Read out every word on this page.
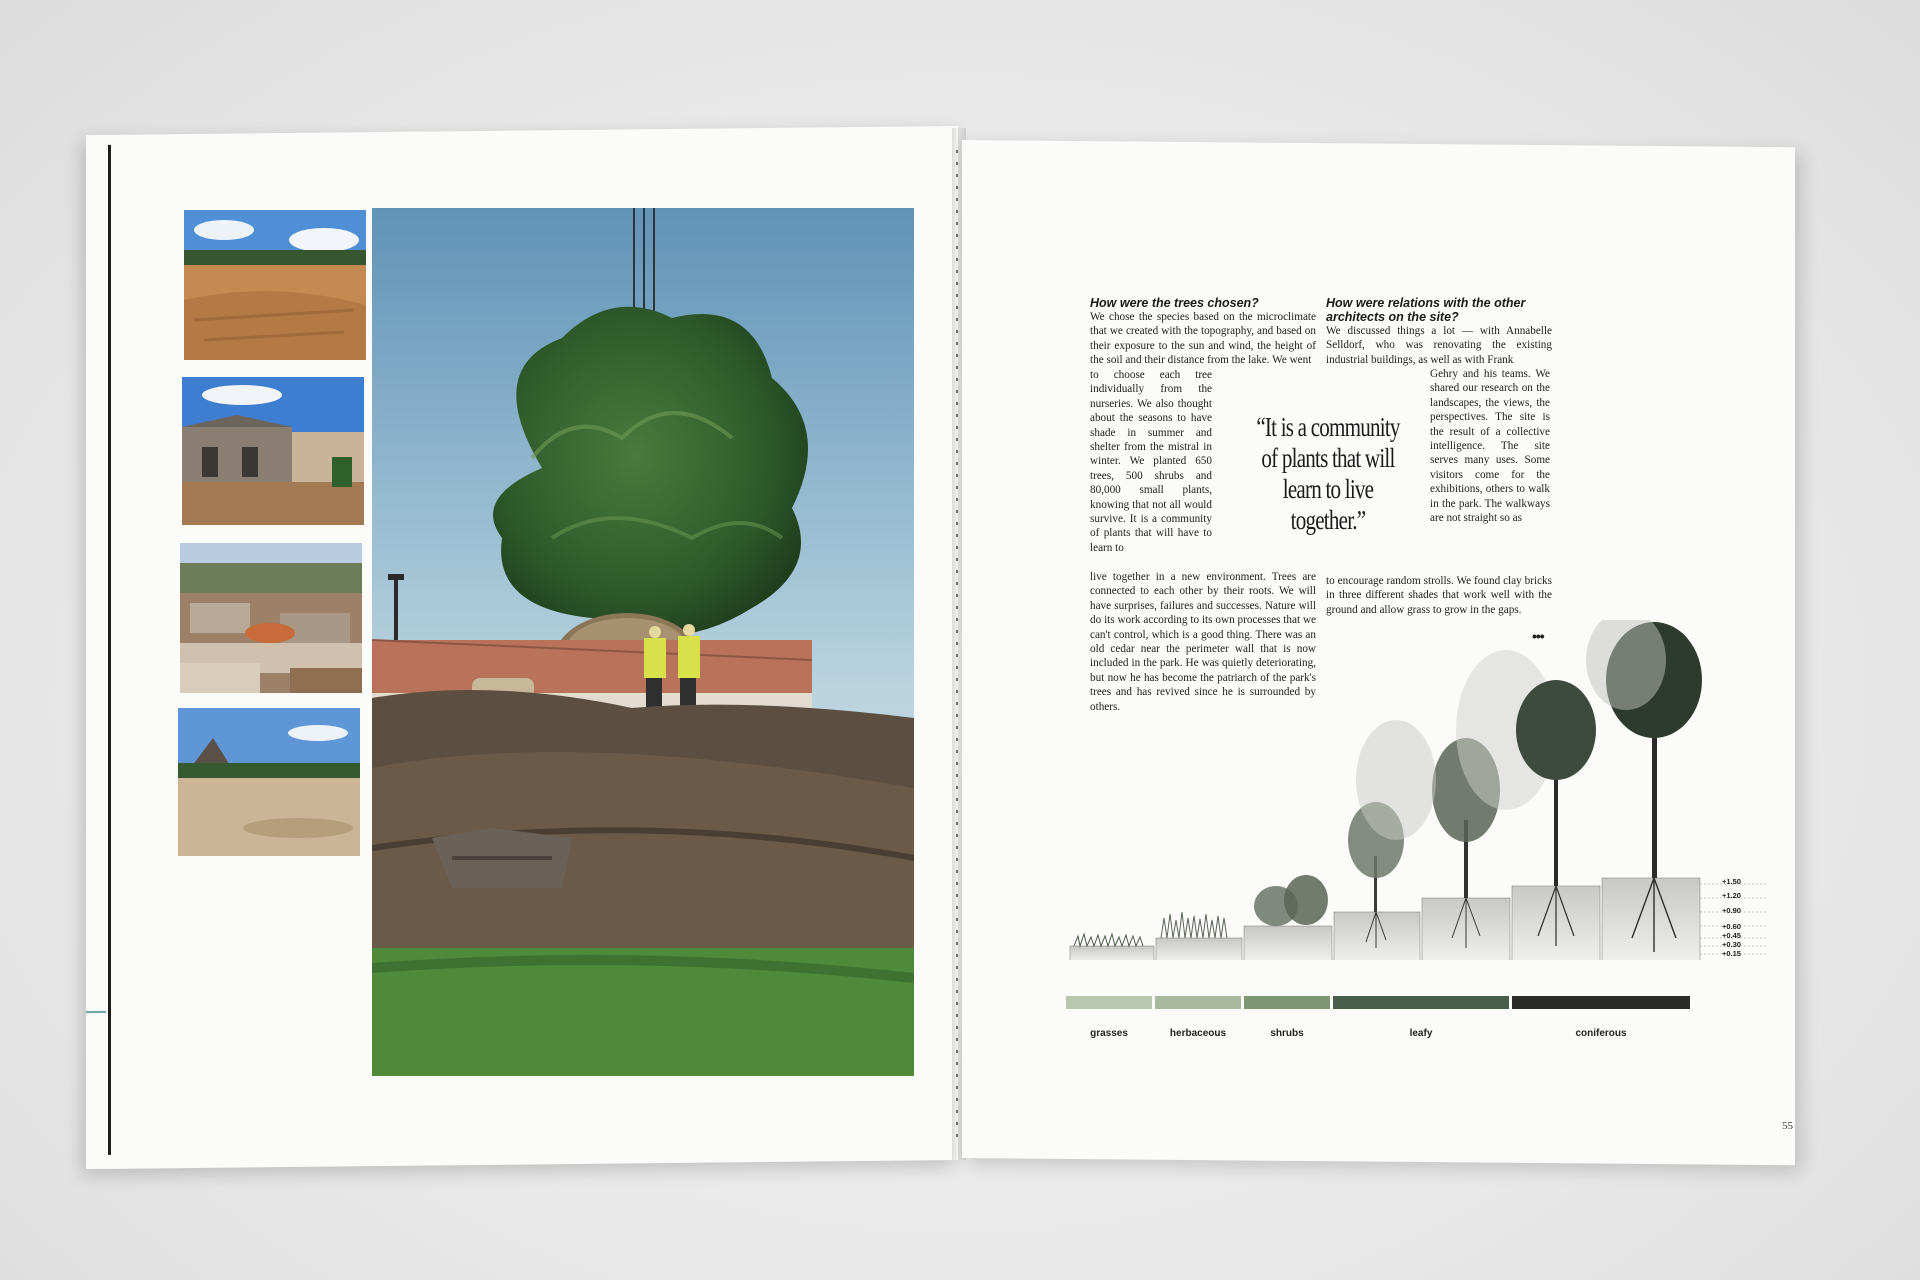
How were the trees chosen?
We chose the species based on the microclimate that we created with the topography, and based on their exposure to the sun and wind, the height of the soil and their distance from the lake. We went
to choose each tree individually from the nurseries. We also thought about the seasons to have shade in summer and shelter from the mistral in winter. We planted 650 trees, 500 shrubs and 80,000 small plants, knowing that not all would survive. It is a community of plants that will have to learn to
live together in a new environment. Trees are connected to each other by their roots. We will have surprises, failures and successes. Nature will do its work according to its own processes that we can't control, which is a good thing. There was an old cedar near the perimeter wall that is now included in the park. He was quietly deteriorating, but now he has become the patriarch of the park's trees and has revived since he is surrounded by others.
How were relations with the other architects on the site?
We discussed things a lot — with Annabelle Selldorf, who was renovating the existing industrial buildings, as well as with Frank
Gehry and his teams. We shared our research on the landscapes, the views, the perspectives. The site is the result of a collective intelligence. The site serves many uses. Some visitors come for the exhibitions, others to walk in the park. The walkways are not straight so as
to encourage random strolls. We found clay bricks in three different shades that work well with the ground and allow grass to grow in the gaps.
“It is a community of plants that will learn to live together.”
•••
+1.50
+1.20
+0.90
+0.60
+0.45
+0.30
+0.15
grasses	herbaceous	shrubs	leafy	coniferous
55
